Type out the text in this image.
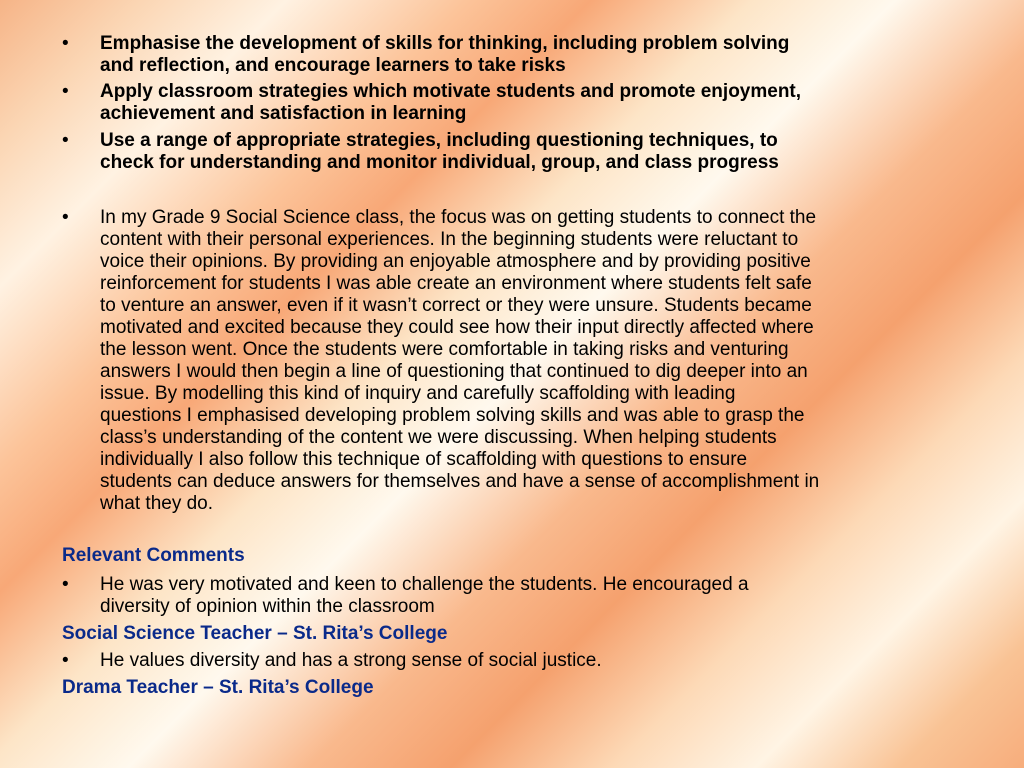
•	Emphasise the development of skills for thinking, including problem solving
and reflection, and encourage learners to take risks
•	Apply classroom strategies which motivate students and promote enjoyment,
achievement and satisfaction in learning
•	Use a range of appropriate strategies, including questioning techniques, to
check for understanding and monitor individual, group, and class progress
•	In my Grade 9 Social Science class, the focus was on getting students to connect the
content with their personal experiences. In the beginning students were reluctant to
voice their opinions. By providing an enjoyable atmosphere and by providing positive
reinforcement for students I was able create an environment where students felt safe
to venture an answer, even if it wasn’t correct or they were unsure. Students became
motivated and excited because they could see how their input directly affected where
the lesson went. Once the students were comfortable in taking risks and venturing
answers I would then begin a line of questioning that continued to dig deeper into an
issue. By modelling this kind of inquiry and carefully scaffolding with leading
questions I emphasised developing problem solving skills and was able to grasp the
class’s understanding of the content we were discussing. When helping students
individually I also follow this technique of scaffolding with questions to ensure
students can deduce answers for themselves and have a sense of accomplishment in
what they do.
Relevant Comments
•	He was very motivated and keen to challenge the students. He encouraged a
diversity of opinion within the classroom
Social Science Teacher – St. Rita’s College
•	He values diversity and has a strong sense of social justice.
Drama Teacher – St. Rita’s College
